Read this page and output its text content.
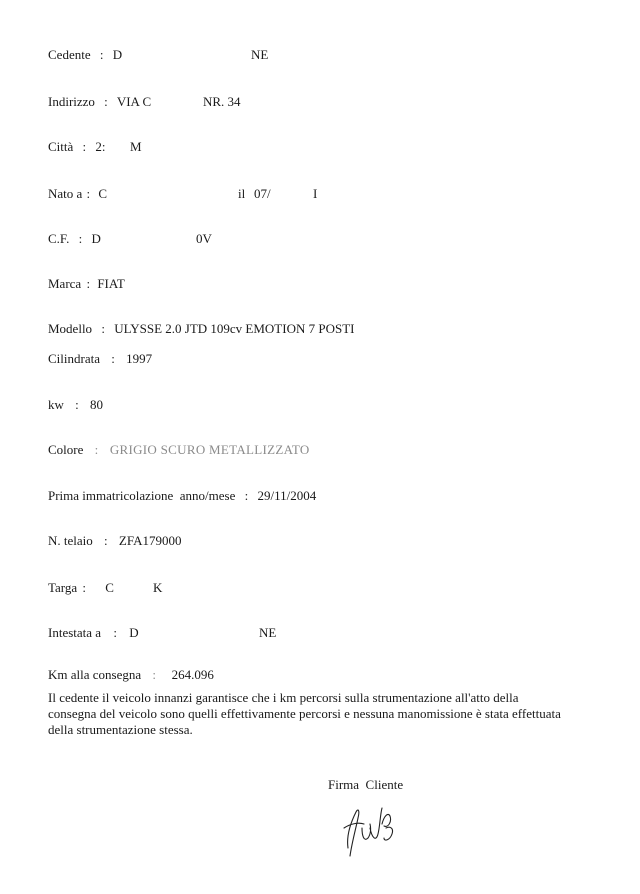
Cedente : D	NE
Indirizzo : VIA C	NR. 34
Città : 2: M
Nato a : C	il 07/	I
C.F. : D	0V
Marca : FIAT
Modello : ULYSSE 2.0 JTD 109cv EMOTION 7 POSTI
Cilindrata : 1997
kw : 80
Colore : GRIGIO SCURO METALLIZZATO
Prima immatricolazione  anno/mese : 29/11/2004
N. telaio : ZFA179000
Targa : C	K
Intestata a : D	NE
Km alla consegna : 264.096
Il cedente il veicolo innanzi garantisce che i km percorsi sulla strumentazione all'atto della
consegna del veicolo sono quelli effettivamente percorsi e nessuna manomissione è stata effettuata
della strumentazione stessa.
Firma  Cliente
